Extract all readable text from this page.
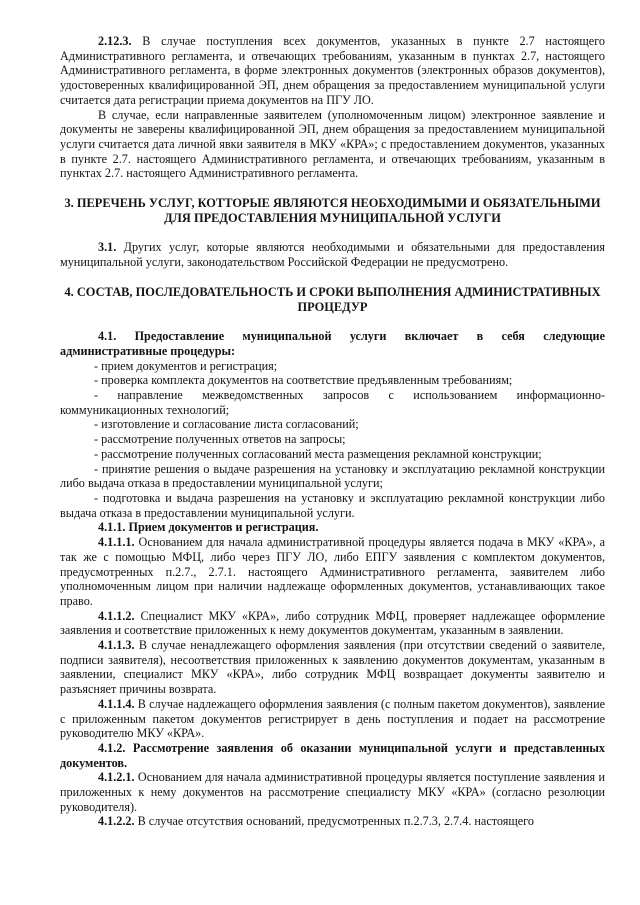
2.12.3. В случае поступления всех документов, указанных в пункте 2.7 настоящего Административного регламента, и отвечающих требованиям, указанным в пунктах 2.7, настоящего Административного регламента, в форме электронных документов (электронных образов документов), удостоверенных квалифицированной ЭП, днем обращения за предоставлением муниципальной услуги считается дата регистрации приема документов на ПГУ ЛО.

В случае, если направленные заявителем (уполномоченным лицом) электронное заявление и документы не заверены квалифицированной ЭП, днем обращения за предоставлением муниципальной услуги считается дата личной явки заявителя в МКУ «КРА»; с предоставлением документов, указанных в пункте 2.7. настоящего Административного регламента, и отвечающих требованиям, указанным в пунктах 2.7. настоящего Административного регламента.

3. ПЕРЕЧЕНЬ УСЛУГ, КОТТОРЫЕ ЯВЛЯЮТСЯ НЕОБХОДИМЫМИ И ОБЯЗАТЕЛЬНЫМИ ДЛЯ ПРЕДОСТАВЛЕНИЯ МУНИЦИПАЛЬНОЙ УСЛУГИ

3.1. Других услуг, которые являются необходимыми и обязательными для предоставления муниципальной услуги, законодательством Российской Федерации не предусмотрено.

4. СОСТАВ, ПОСЛЕДОВАТЕЛЬНОСТЬ И СРОКИ ВЫПОЛНЕНИЯ АДМИНИСТРАТИВНЫХ ПРОЦЕДУР

4.1. Предоставление муниципальной услуги включает в себя следующие административные процедуры:

- прием документов и регистрация;

- проверка комплекта документов на соответствие предъявленным требованиям;

- направление межведомственных запросов с использованием информационно-коммуникационных технологий;

- изготовление и согласование листа согласований;

- рассмотрение полученных ответов на запросы;

- рассмотрение полученных согласований места размещения рекламной конструкции;

- принятие решения о выдаче разрешения на установку и эксплуатацию рекламной конструкции либо выдача отказа в предоставлении муниципальной услуги;

- подготовка и выдача разрешения на установку и эксплуатацию рекламной конструкции либо выдача отказа в предоставлении муниципальной услуги.

4.1.1. Прием документов и регистрация.

4.1.1.1. Основанием для начала административной процедуры является подача в МКУ «КРА», а так же с помощью МФЦ, либо через ПГУ ЛО, либо ЕПГУ заявления с комплектом документов, предусмотренных п.2.7., 2.7.1. настоящего Административного регламента, заявителем либо уполномоченным лицом при наличии надлежаще оформленных документов, устанавливающих такое право.

4.1.1.2. Специалист МКУ «КРА», либо сотрудник МФЦ, проверяет надлежащее оформление заявления и соответствие приложенных к нему документов документам, указанным в заявлении.

4.1.1.3. В случае ненадлежащего оформления заявления (при отсутствии сведений о заявителе, подписи заявителя), несоответствия приложенных к заявлению документов документам, указанным в заявлении, специалист МКУ «КРА», либо сотрудник МФЦ возвращает документы заявителю и разъясняет причины возврата.

4.1.1.4. В случае надлежащего оформления заявления (с полным пакетом документов), заявление с приложенным пакетом документов регистрирует в день поступления и подает на рассмотрение руководителю МКУ «КРА».

4.1.2. Рассмотрение заявления об оказании муниципальной услуги и представленных документов.

4.1.2.1. Основанием для начала административной процедуры является поступление заявления и приложенных к нему документов на рассмотрение специалисту МКУ «КРА» (согласно резолюции руководителя).

4.1.2.2. В случае отсутствия оснований, предусмотренных п.2.7.3, 2.7.4. настоящего
